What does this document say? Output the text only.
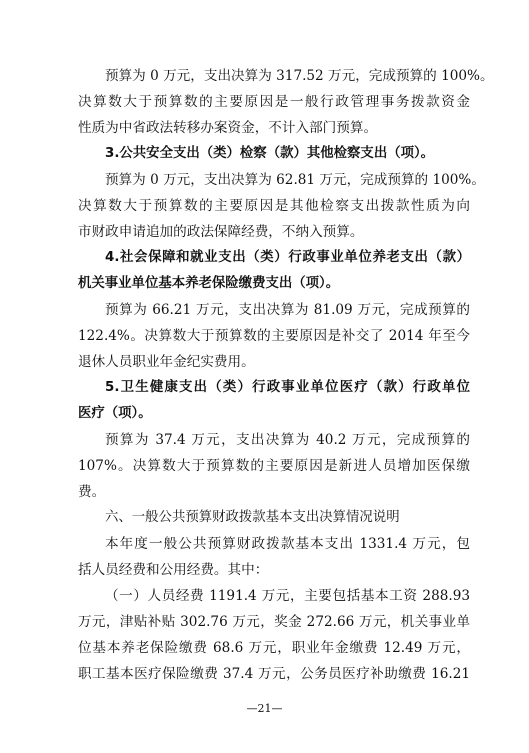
预算为 0 万元，支出决算为 317.52 万元，完成预算的 100%。
决算数大于预算数的主要原因是一般行政管理事务拨款资金
性质为中省政法转移办案资金，不计入部门预算。
3.公共安全支出（类）检察（款）其他检察支出（项）。
预算为 0 万元，支出决算为 62.81 万元，完成预算的 100%。
决算数大于预算数的主要原因是其他检察支出拨款性质为向
市财政申请追加的政法保障经费，不纳入预算。
4.社会保障和就业支出（类）行政事业单位养老支出（款）
机关事业单位基本养老保险缴费支出（项）。
预算为 66.21 万元，支出决算为 81.09 万元，完成预算的
122.4%。决算数大于预算数的主要原因是补交了 2014 年至今
退休人员职业年金纪实费用。
5.卫生健康支出（类）行政事业单位医疗（款）行政单位
医疗（项）。
预算为 37.4 万元，支出决算为 40.2 万元，完成预算的
107%。决算数大于预算数的主要原因是新进人员增加医保缴
费。
六、一般公共预算财政拨款基本支出决算情况说明
本年度一般公共预算财政拨款基本支出 1331.4 万元，包
括人员经费和公用经费。其中：
（一）人员经费 1191.4 万元，主要包括基本工资 288.93
万元，津贴补贴 302.76 万元，奖金 272.66 万元，机关事业单
位基本养老保险缴费 68.6 万元，职业年金缴费 12.49 万元，
职工基本医疗保险缴费 37.4 万元，公务员医疗补助缴费 16.21
—21—
